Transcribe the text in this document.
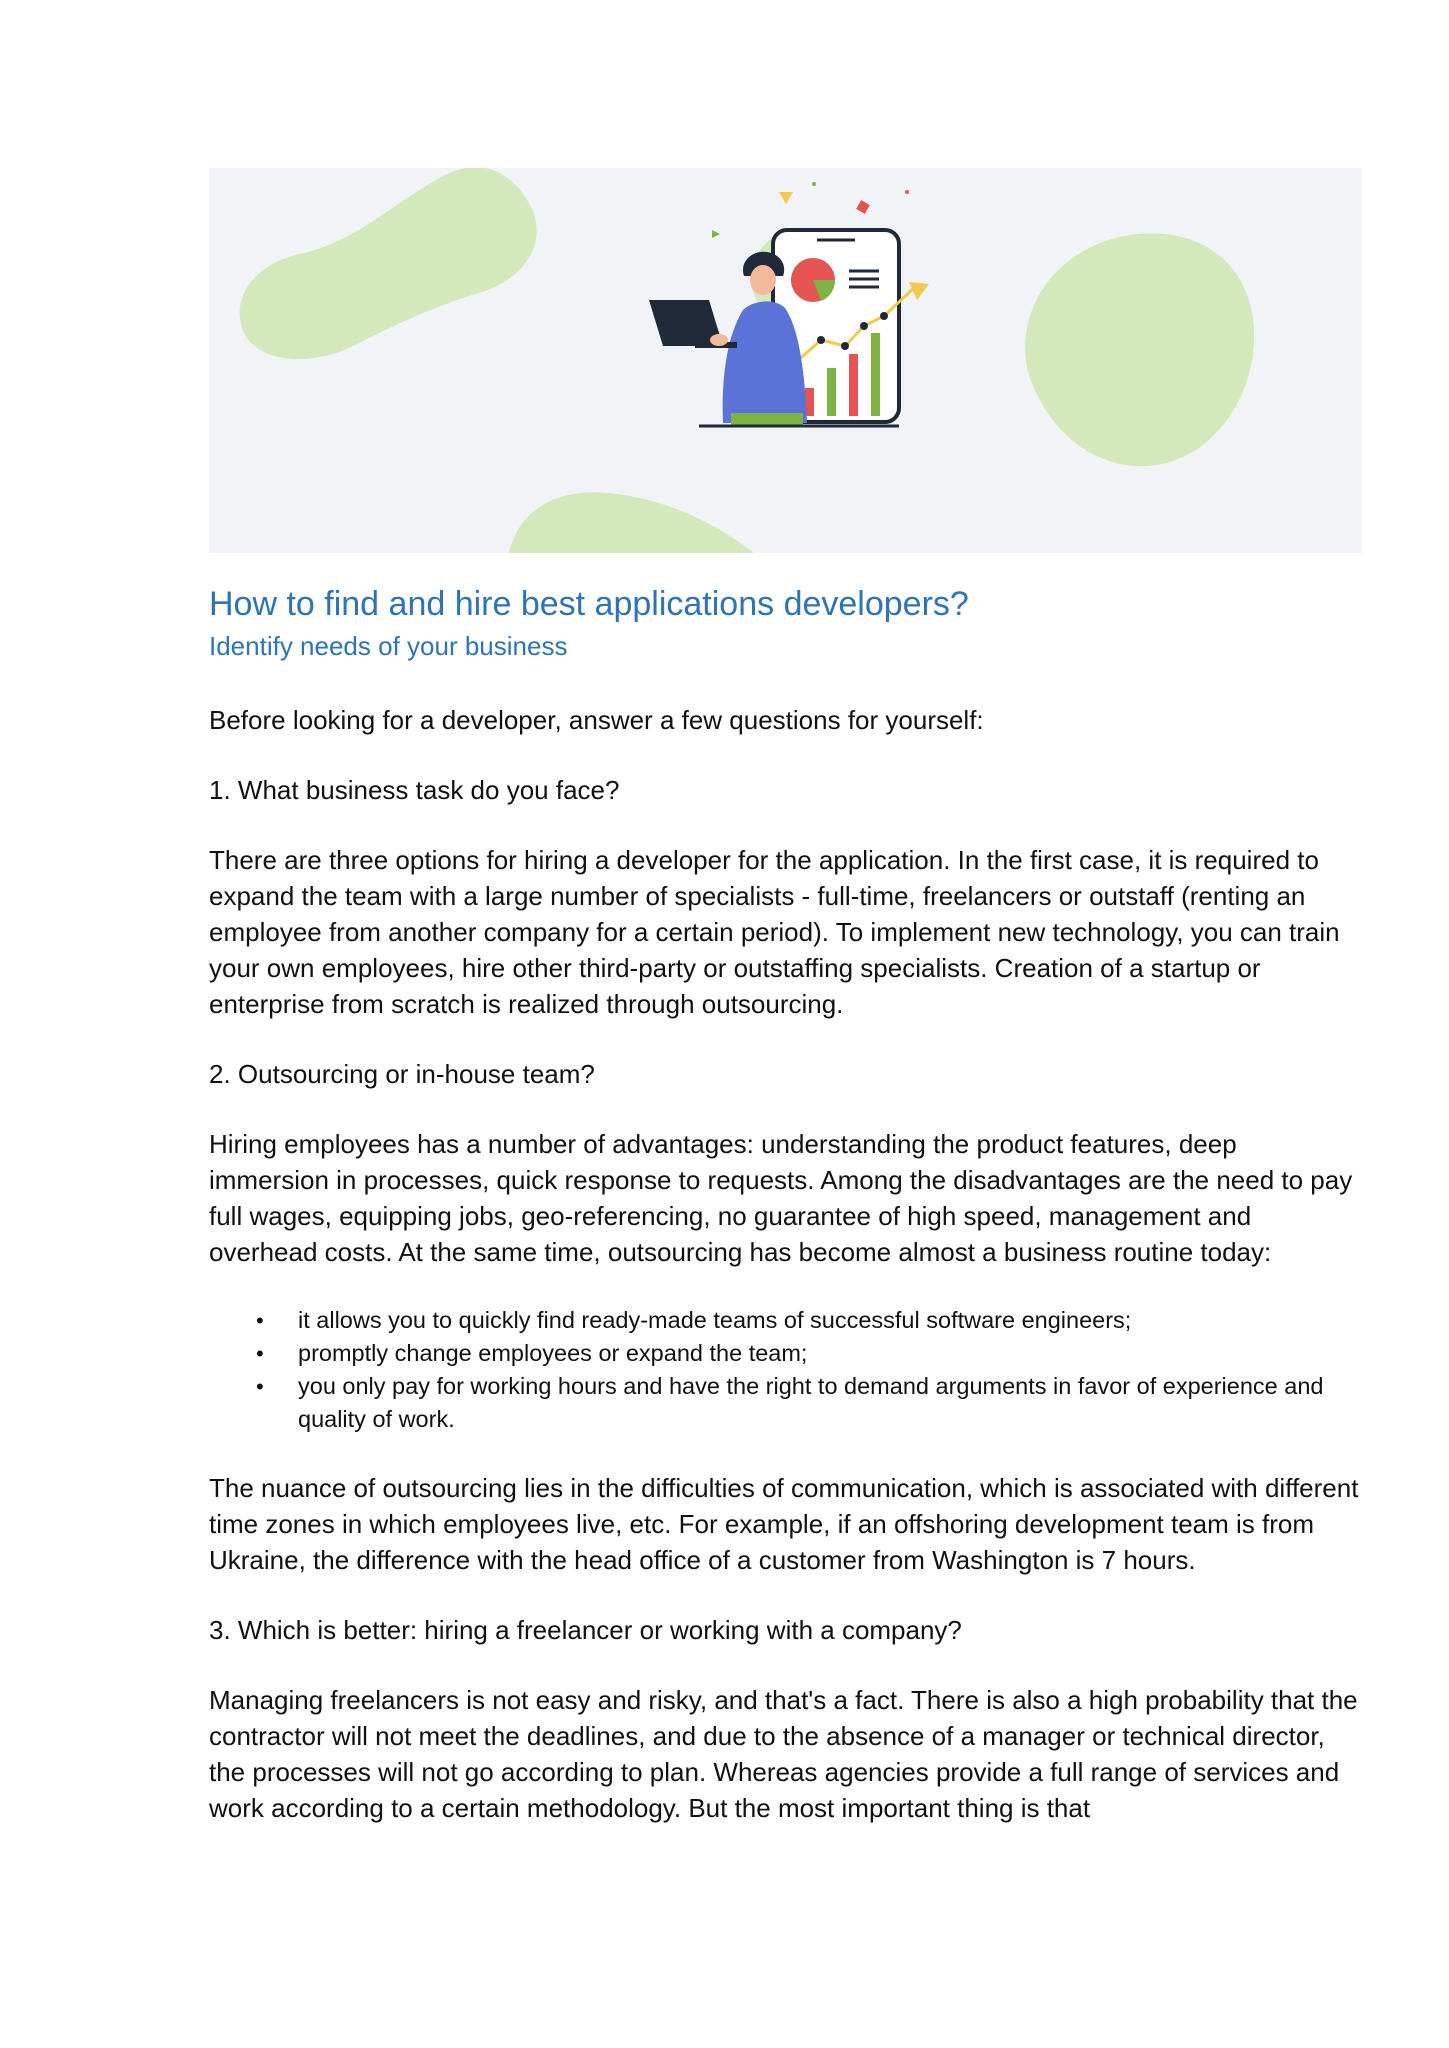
How to find and hire best applications developers?
Identify needs of your business

Before looking for a developer, answer a few questions for yourself:

1. What business task do you face?

There are three options for hiring a developer for the application. In the first case, it is required to expand the team with a large number of specialists - full-time, freelancers or outstaff (renting an employee from another company for a certain period). To implement new technology, you can train your own employees, hire other third-party or outstaffing specialists. Creation of a startup or enterprise from scratch is realized through outsourcing.

2. Outsourcing or in-house team?

Hiring employees has a number of advantages: understanding the product features, deep immersion in processes, quick response to requests. Among the disadvantages are the need to pay full wages, equipping jobs, geo-referencing, no guarantee of high speed, management and overhead costs. At the same time, outsourcing has become almost a business routine today:

• it allows you to quickly find ready-made teams of successful software engineers;
• promptly change employees or expand the team;
• you only pay for working hours and have the right to demand arguments in favor of experience and quality of work.

The nuance of outsourcing lies in the difficulties of communication, which is associated with different time zones in which employees live, etc. For example, if an offshoring development team is from Ukraine, the difference with the head office of a customer from Washington is 7 hours.

3. Which is better: hiring a freelancer or working with a company?

Managing freelancers is not easy and risky, and that's a fact. There is also a high probability that the contractor will not meet the deadlines, and due to the absence of a manager or technical director, the processes will not go according to plan. Whereas agencies provide a full range of services and work according to a certain methodology. But the most important thing is that
